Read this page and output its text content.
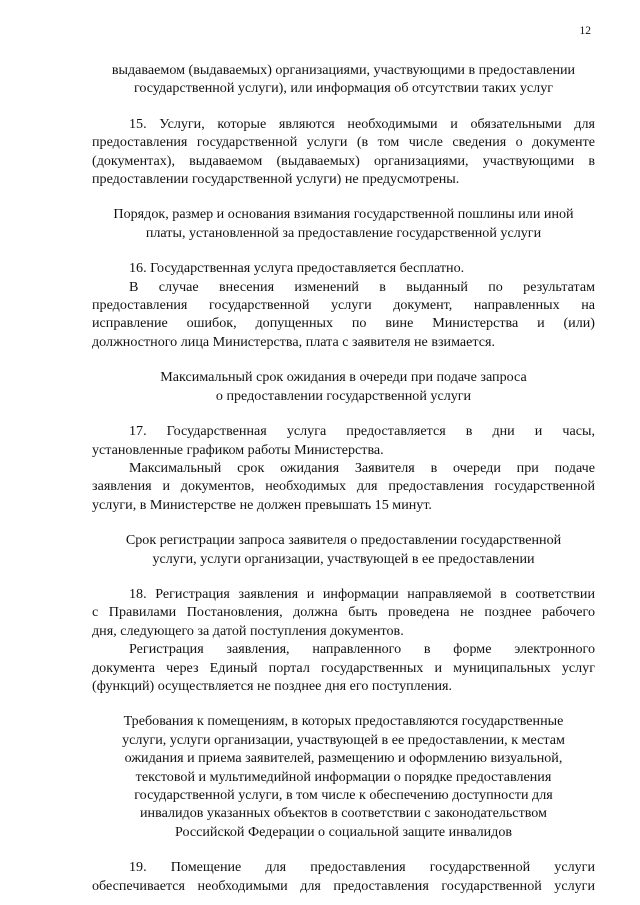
12
выдаваемом (выдаваемых) организациями, участвующими в предоставлении
государственной услуги), или информация об отсутствии таких услуг
15. Услуги, которые являются необходимыми и обязательными для
предоставления государственной услуги (в том числе сведения о документе
(документах), выдаваемом (выдаваемых) организациями, участвующими в
предоставлении государственной услуги) не предусмотрены.
Порядок, размер и основания взимания государственной пошлины или иной
платы, установленной за предоставление государственной услуги
16. Государственная услуга предоставляется бесплатно.
В случае внесения изменений в выданный по результатам
предоставления государственной услуги документ, направленных на
исправление ошибок, допущенных по вине Министерства и (или)
должностного лица Министерства, плата с заявителя не взимается.
Максимальный срок ожидания в очереди при подаче запроса
о предоставлении государственной услуги
17. Государственная услуга предоставляется в дни и часы,
установленные графиком работы Министерства.
Максимальный срок ожидания Заявителя в очереди при подаче
заявления и документов, необходимых для предоставления государственной
услуги, в Министерстве не должен превышать 15 минут.
Срок регистрации запроса заявителя о предоставлении государственной
услуги, услуги организации, участвующей в ее предоставлении
18. Регистрация заявления и информации направляемой в соответствии
с Правилами Постановления, должна быть проведена не позднее рабочего
дня, следующего за датой поступления документов.
Регистрация заявления, направленного в форме электронного
документа через Единый портал государственных и муниципальных услуг
(функций) осуществляется не позднее дня его поступления.
Требования к помещениям, в которых предоставляются государственные
услуги, услуги организации, участвующей в ее предоставлении, к местам
ожидания и приема заявителей, размещению и оформлению визуальной,
текстовой и мультимедийной информации о порядке предоставления
государственной услуги, в том числе к обеспечению доступности для
инвалидов указанных объектов в соответствии с законодательством
Российской Федерации о социальной защите инвалидов
19. Помещение для предоставления государственной услуги
обеспечивается необходимыми для предоставления государственной услуги
